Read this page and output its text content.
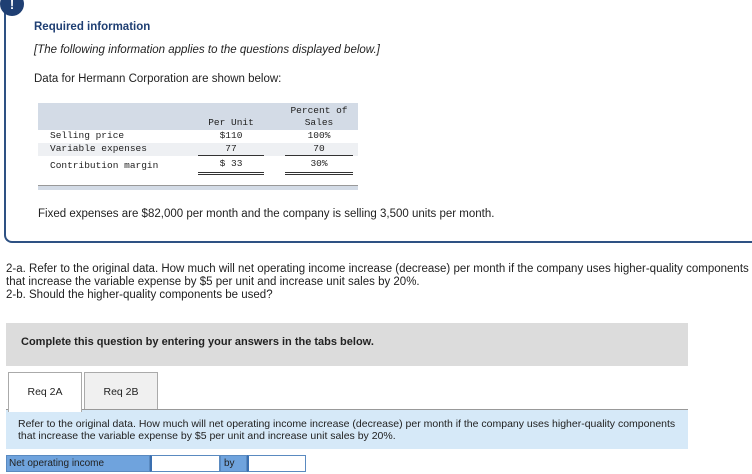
!
Required information
[The following information applies to the questions displayed below.]
Data for Hermann Corporation are shown below:
Per Unit
Percent of
Sales
Selling price	$110	100%
Variable expenses	77	70
Contribution margin	$ 33	30%
Fixed expenses are $82,000 per month and the company is selling 3,500 units per month.
2-a. Refer to the original data. How much will net operating income increase (decrease) per month if the company uses higher-quality components that increase the variable expense by $5 per unit and increase unit sales by 20%.
2-b. Should the higher-quality components be used?
Complete this question by entering your answers in the tabs below.
Req 2A	Req 2B
Refer to the original data. How much will net operating income increase (decrease) per month if the company uses higher-quality components that increase the variable expense by $5 per unit and increase unit sales by 20%.
Net operating income	by
